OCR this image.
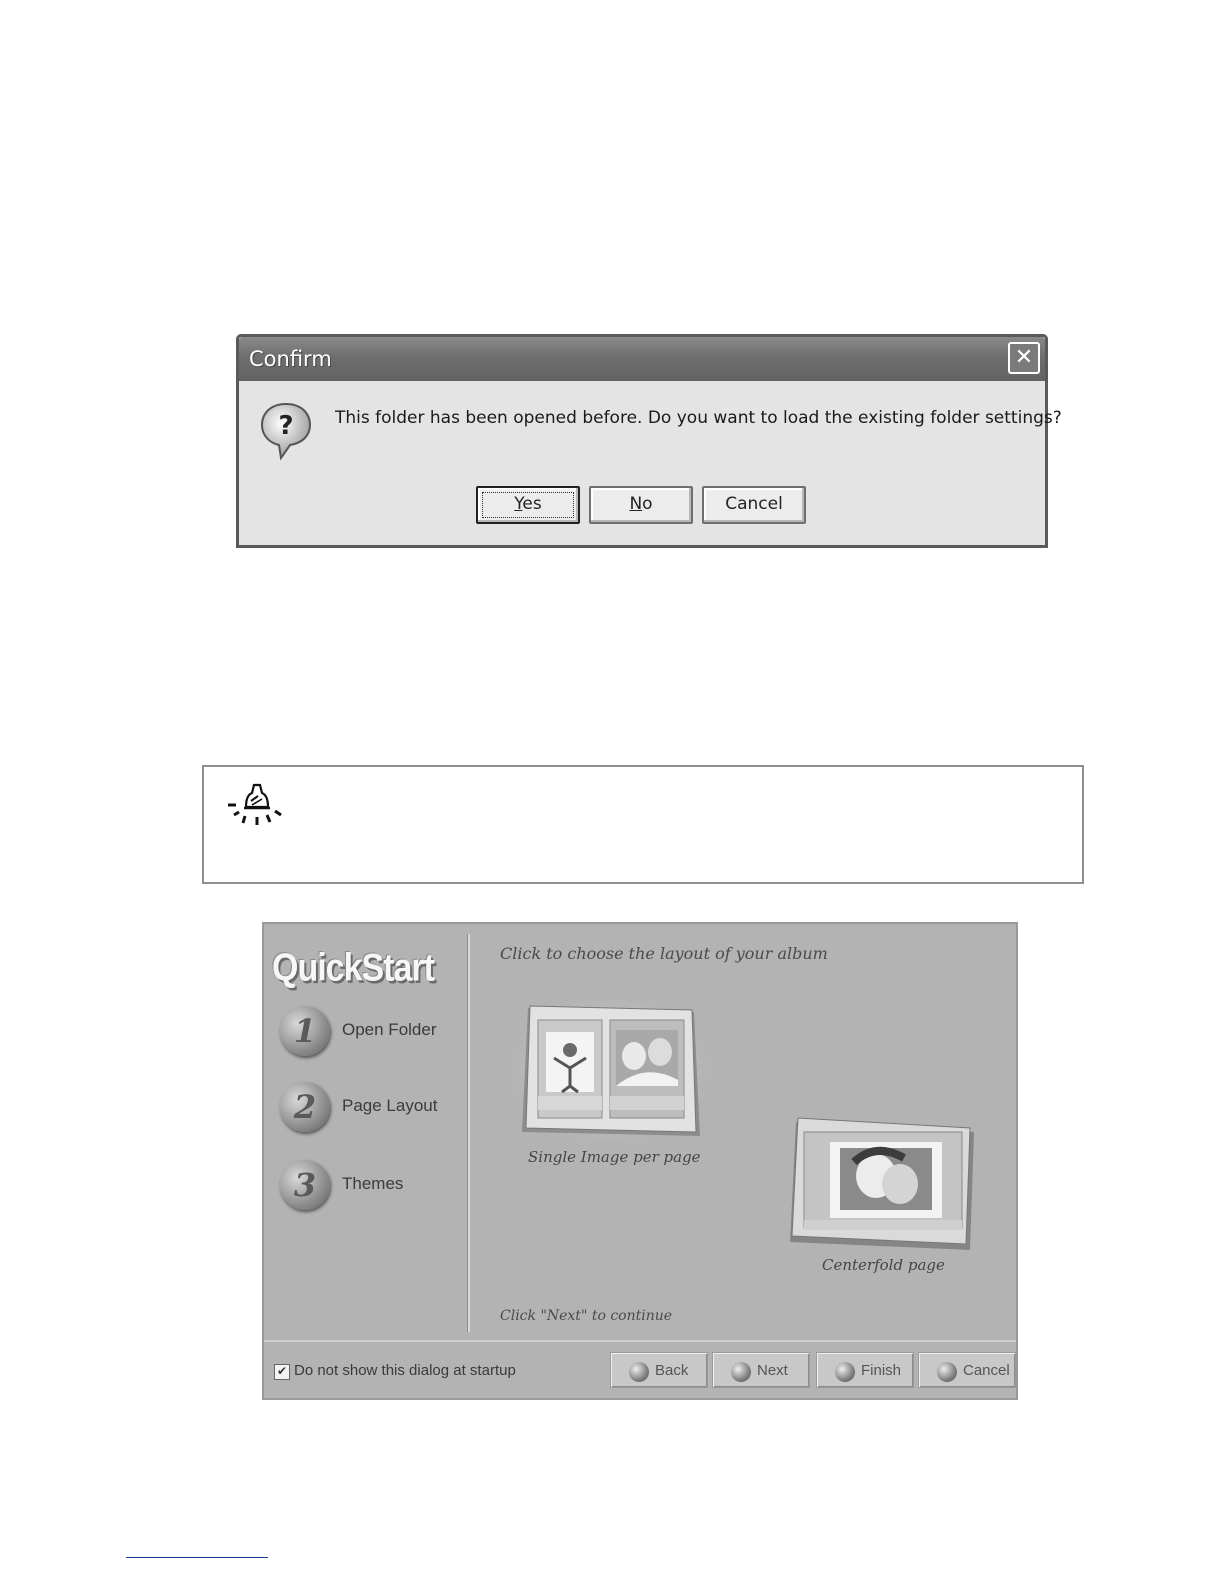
Confirm	✕
? This folder has been opened before. Do you want to load the existing folder settings?
Yes	No	Cancel
QuickStart
1	Open Folder
2	Page Layout
3	Themes
Click to choose the layout of your album
Single Image per page
Centerfold page
Click "Next" to continue
✔ Do not show this dialog at startup	Back	Next	Finish	Cancel
